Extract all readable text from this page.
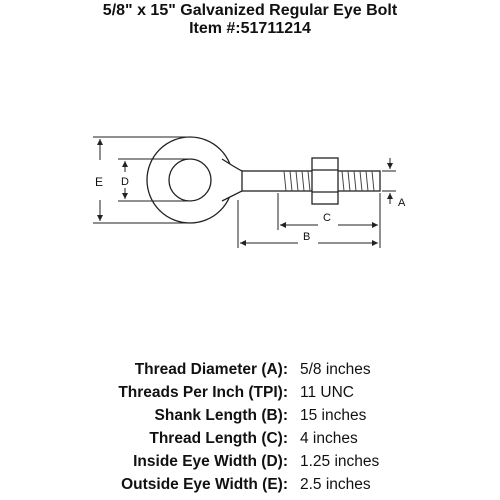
5/8" x 15" Galvanized Regular Eye Bolt
Item #:51711214
E D
C
B
A
Thread Diameter (A): 5/8 inches
Threads Per Inch (TPI): 11 UNC
Shank Length (B): 15 inches
Thread Length (C): 4 inches
Inside Eye Width (D): 1.25 inches
Outside Eye Width (E): 2.5 inches
